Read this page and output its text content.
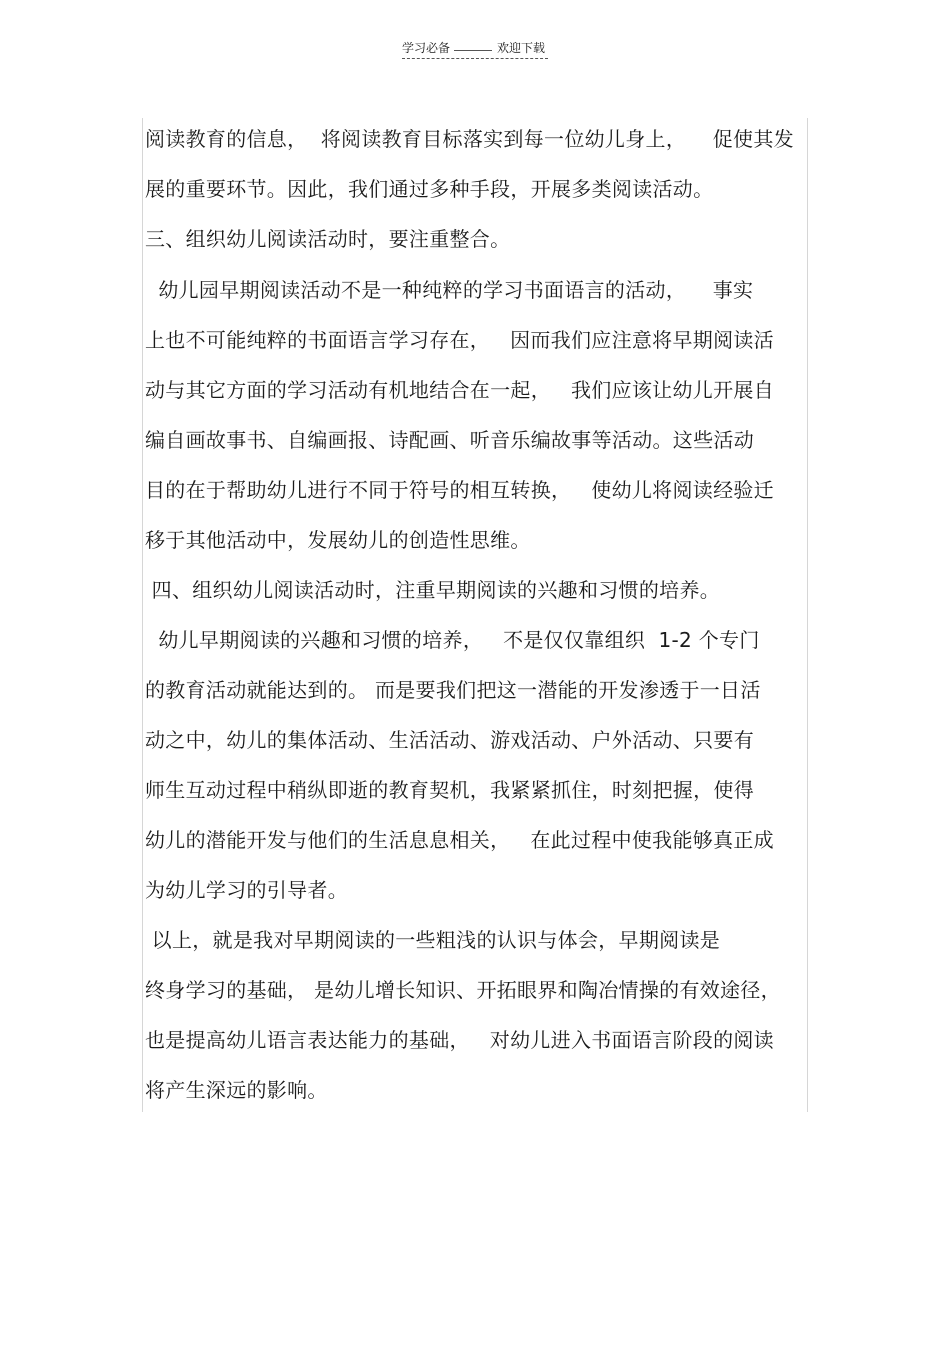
学习必备	欢迎下载
阅读教育的信息，  将阅读教育目标落实到每一位幼儿身上，    促使其发
展的重要环节。因此，我们通过多种手段，开展多类阅读活动。
三、组织幼儿阅读活动时，要注重整合。
幼儿园早期阅读活动不是一种纯粹的学习书面语言的活动，    事实
上也不可能纯粹的书面语言学习存在，   因而我们应注意将早期阅读活
动与其它方面的学习活动有机地结合在一起，   我们应该让幼儿开展自
编自画故事书、自编画报、诗配画、听音乐编故事等活动。这些活动
目的在于帮助幼儿进行不同于符号的相互转换，   使幼儿将阅读经验迁
移于其他活动中，发展幼儿的创造性思维。
四、组织幼儿阅读活动时，注重早期阅读的兴趣和习惯的培养。
幼儿早期阅读的兴趣和习惯的培养，   不是仅仅靠组织  1-2 个专门
的教育活动就能达到的。 而是要我们把这一潜能的开发渗透于一日活
动之中，幼儿的集体活动、生活活动、游戏活动、户外活动、只要有
师生互动过程中稍纵即逝的教育契机，我紧紧抓住，时刻把握，使得
幼儿的潜能开发与他们的生活息息相关，   在此过程中使我能够真正成
为幼儿学习的引导者。
以上，就是我对早期阅读的一些粗浅的认识与体会，早期阅读是
终身学习的基础， 是幼儿增长知识、开拓眼界和陶冶情操的有效途径，
也是提高幼儿语言表达能力的基础，   对幼儿进入书面语言阶段的阅读
将产生深远的影响。
